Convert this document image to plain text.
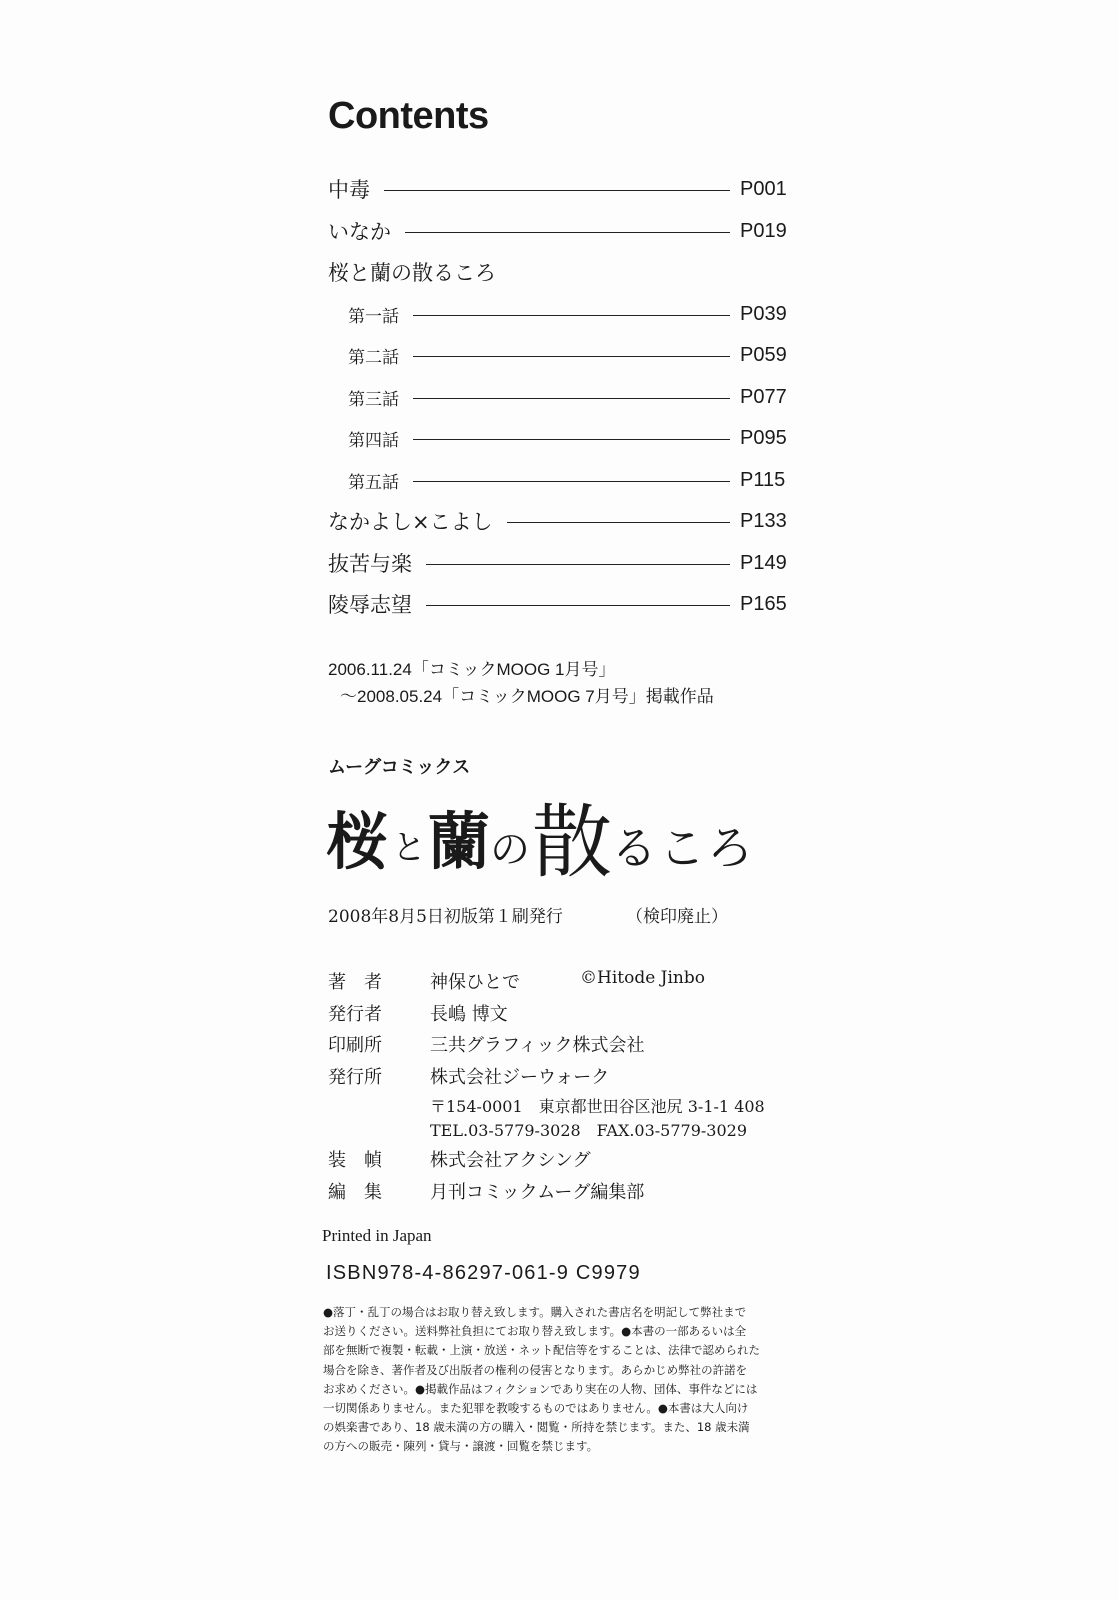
Contents
中毒	P001
いなか	P019
桜と蘭の散るころ
第一話	P039
第二話	P059
第三話	P077
第四話	P095
第五話	P115
なかよし×こよし	P133
抜苦与楽	P149
陵辱志望	P165
2006.11.24「コミックMOOG 1月号」
～2008.05.24「コミックMOOG 7月号」掲載作品
ムーグコミックス
桜 と 蘭 の 散 るころ
2008年8月5日初版第１刷発行	（検印廃止）
著　者	神保ひとで	©Hitode Jinbo
発行者	長嶋 博文
印刷所	三共グラフィック株式会社
発行所	株式会社ジーウォーク
〒154-0001　東京都世田谷区池尻 3-1-1 408
TEL.03-5779-3028　FAX.03-5779-3029
装　幀	株式会社アクシング
編　集	月刊コミックムーグ編集部
Printed in Japan
ISBN978-4-86297-061-9 C9979
●落丁・乱丁の場合はお取り替え致します。購入された書店名を明記して弊社まで
お送りください。送料弊社負担にてお取り替え致します。●本書の一部あるいは全
部を無断で複製・転載・上演・放送・ネット配信等をすることは、法律で認められた
場合を除き、著作者及び出版者の権利の侵害となります。あらかじめ弊社の許諾を
お求めください。●掲載作品はフィクションであり実在の人物、団体、事件などには
一切関係ありません。また犯罪を教唆するものではありません。●本書は大人向け
の娯楽書であり、18 歳未満の方の購入・閲覧・所持を禁じます。また、18 歳未満
の方への販売・陳列・貸与・譲渡・回覧を禁じます。
